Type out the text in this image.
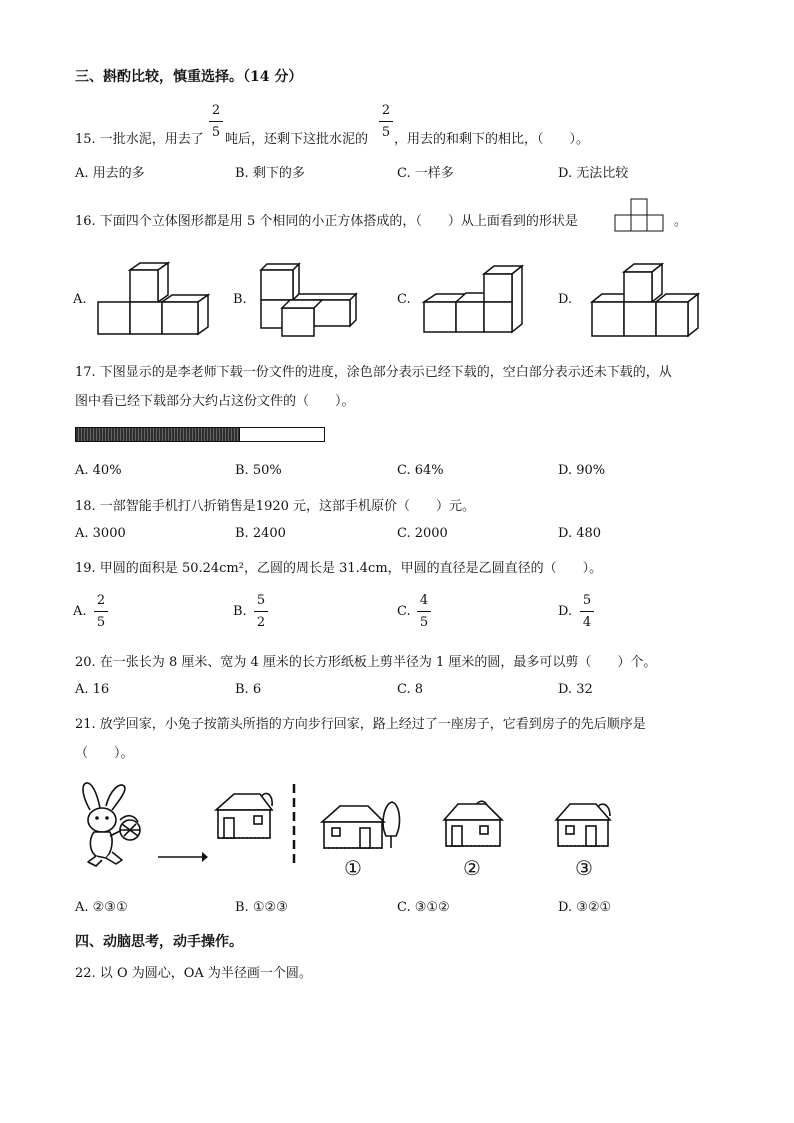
三、斟酌比较，慎重选择。（14 分）
15. 一批水泥，用去了
2
5 吨后，还剩下这批水泥的
2
5 ，用去的和剩下的相比，（　　）。
A. 用去的多	B. 剩下的多	C. 一样多	D. 无法比较
16. 下面四个立体图形都是用 5 个相同的小正方体搭成的，（　　）从上面看到的形状是	。
A.	B.	C.	D.
17. 下图显示的是李老师下载一份文件的进度，涂色部分表示已经下载的，空白部分表示还未下载的，从
图中看已经下载部分大约占这份文件的（　　）。
A. 40%	B. 50%	C. 64%	D. 90%
18. 一部智能手机打八折销售是1920 元，这部手机原价（　　）元。
A. 3000	B. 2400	C. 2000	D. 480
19. 甲圆的面积是 50.24cm²，乙圆的周长是 31.4cm，甲圆的直径是乙圆直径的（　　）。
A.
2
5
B.
5
2
C.
4
5
D.
5
4
20. 在一张长为 8 厘米、宽为 4 厘米的长方形纸板上剪半径为 1 厘米的圆，最多可以剪（　　）个。
A. 16	B. 6	C. 8	D. 32
21. 放学回家，小兔子按箭头所指的方向步行回家，路上经过了一座房子，它看到房子的先后顺序是
（　　）。
①	②	③
A. ②③①	B. ①②③	C. ③①②	D. ③②①
四、动脑思考，动手操作。
22. 以 O 为圆心，OA 为半径画一个圆。
